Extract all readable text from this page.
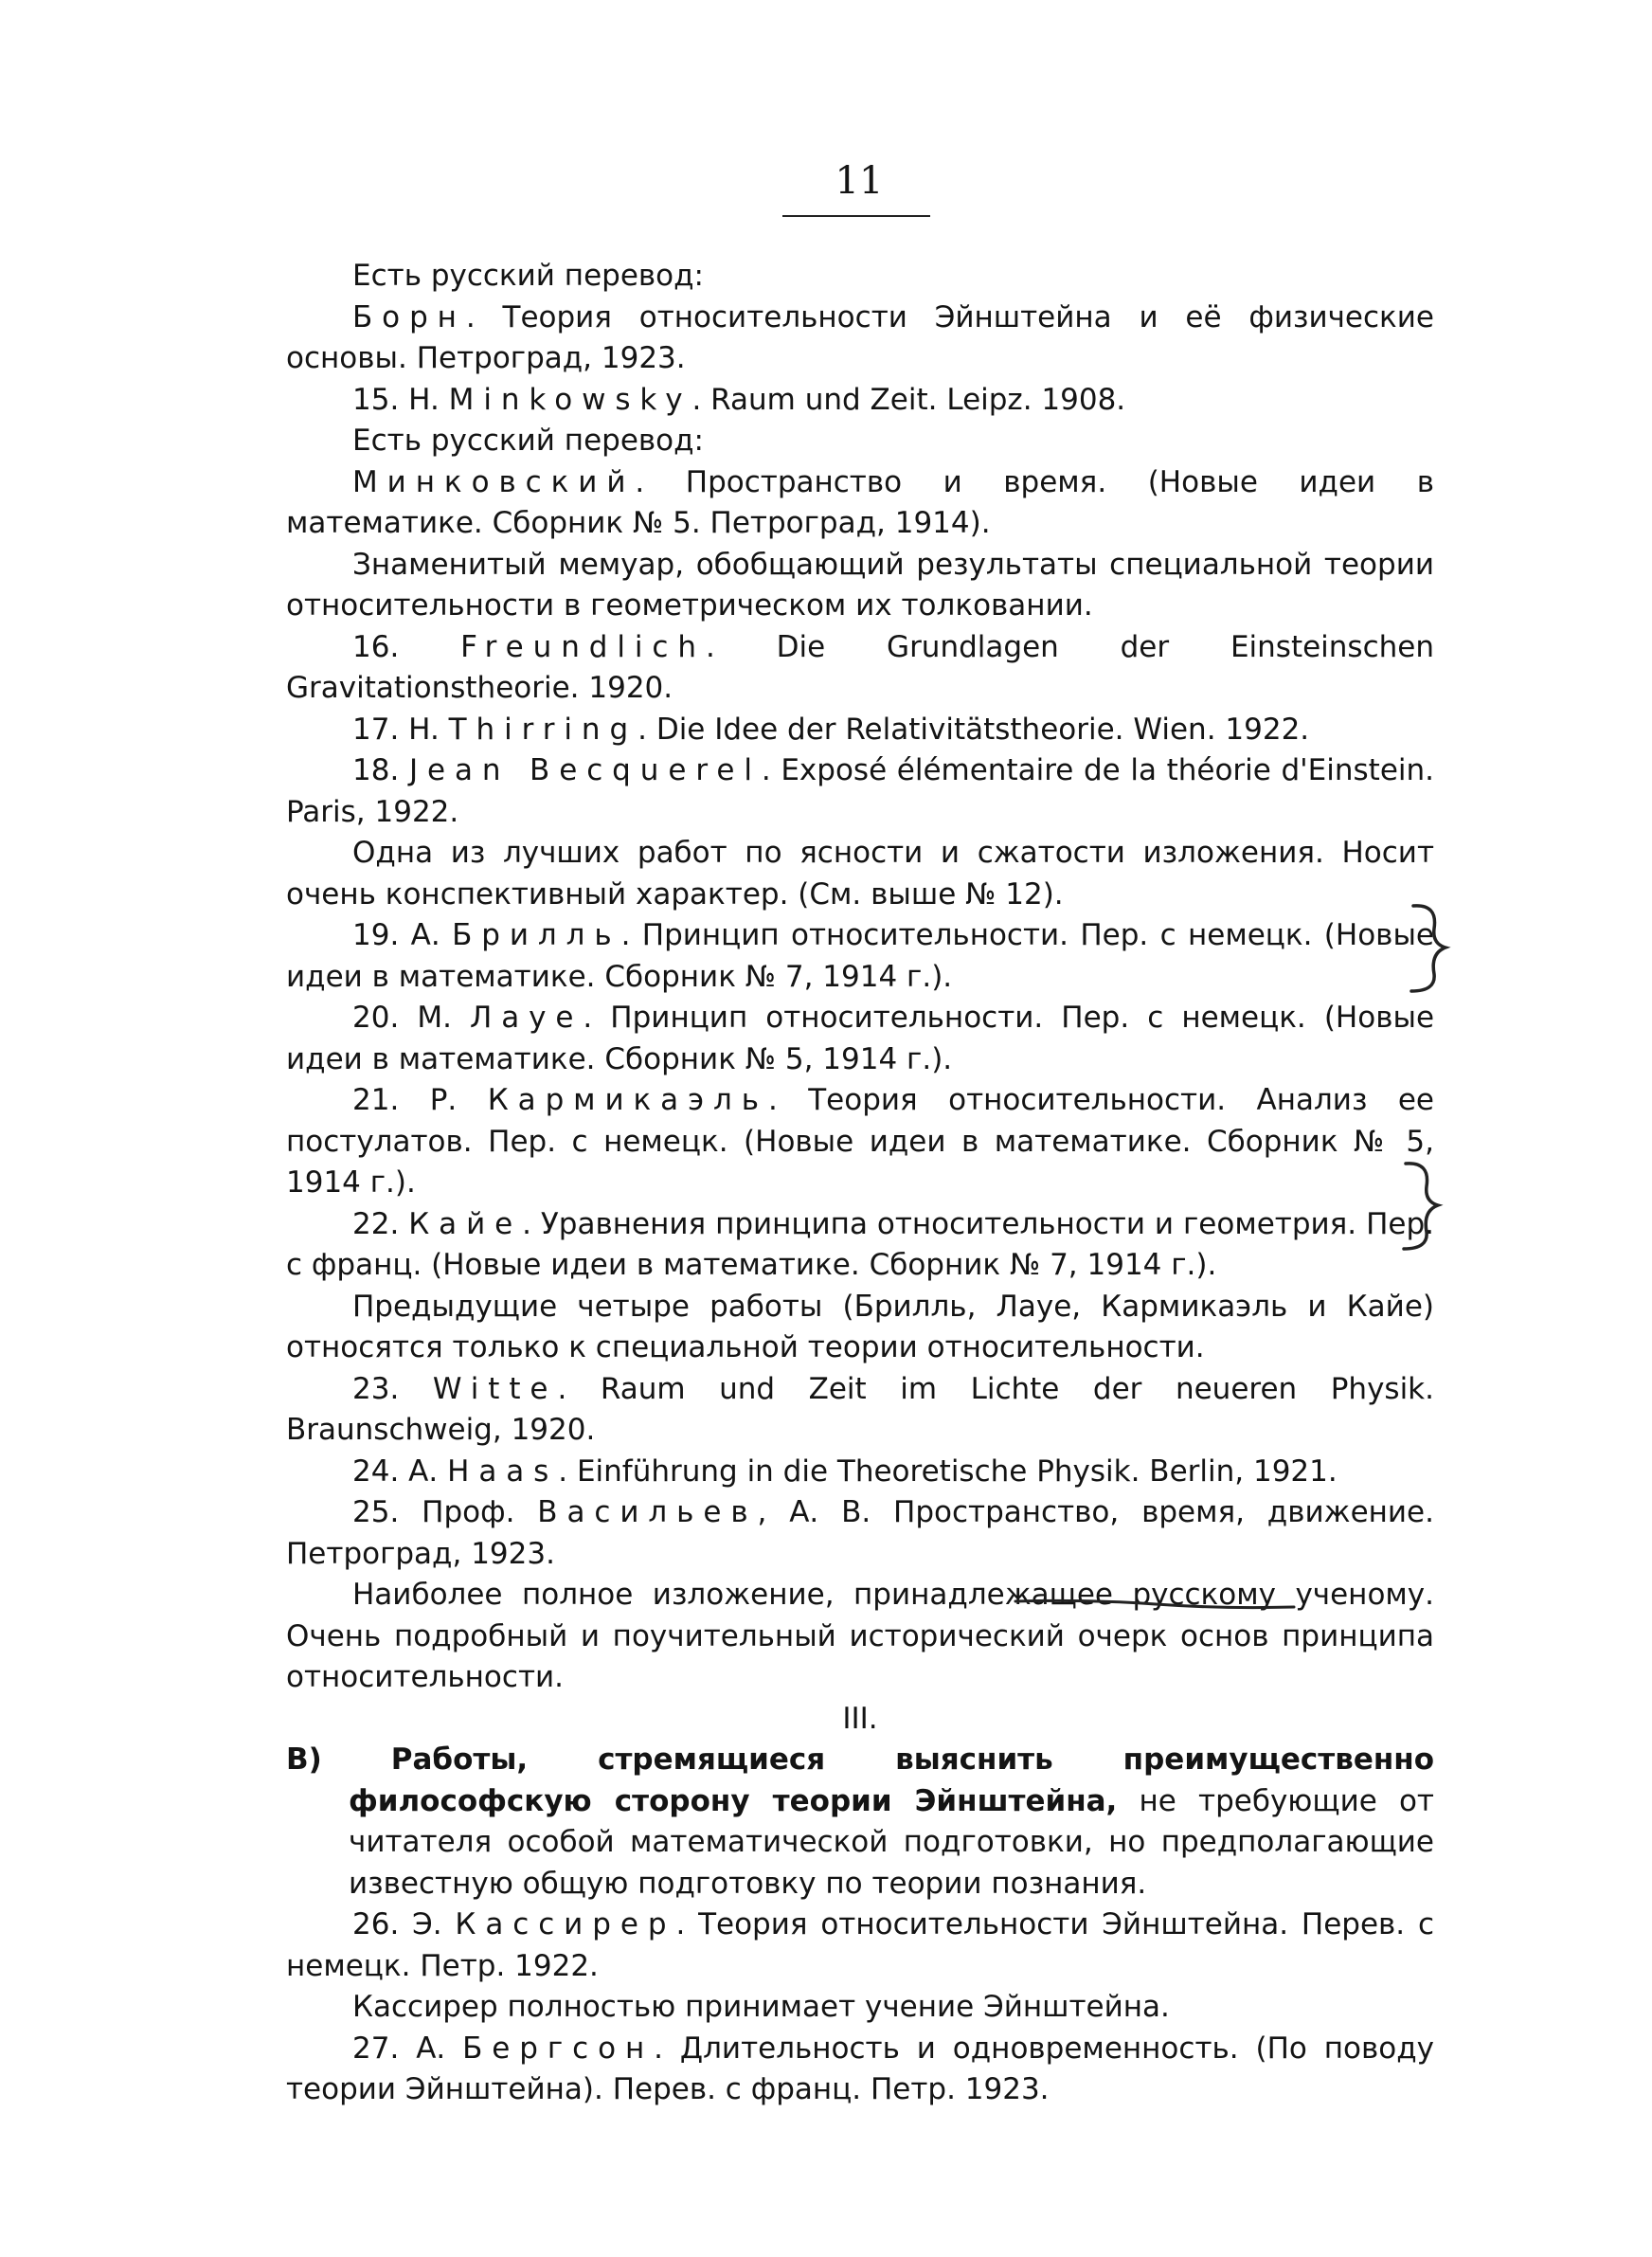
11

Есть русский перевод:

Борн. Теория относительности Эйнштейна и её физические основы. Петроград, 1923.

15. H. Minkowsky. Raum und Zeit. Leipz. 1908.

Есть русский перевод:

Минковский. Пространство и время. (Новые идеи в математике. Сборник № 5. Петроград, 1914).

Знаменитый мемуар, обобщающий результаты специальной теории относительности в геометрическом их толковании.

16. Freundlich. Die Grundlagen der Einsteinschen Gravitationstheorie. 1920.

17. H. Thirring. Die Idee der Relativitätstheorie. Wien. 1922.

18. Jean Becquerel. Exposé élémentaire de la théorie d'Einstein. Paris, 1922.

Одна из лучших работ по ясности и сжатости изложения. Носит очень конспективный характер. (См. выше № 12).

19. А. Брилль. Принцип относительности. Пер. с немецк. (Новые идеи в математике. Сборник № 7, 1914 г.).

20. М. Лауе. Принцип относительности. Пер. с немецк. (Новые идеи в математике. Сборник № 5, 1914 г.).

21. Р. Кармикаэль. Теория относительности. Анализ ее постулатов. Пер. с немецк. (Новые идеи в математике. Сборник № 5, 1914 г.).

22. Кайе. Уравнения принципа относительности и геометрия. Пер. с франц. (Новые идеи в математике. Сборник № 7, 1914 г.).

Предыдущие четыре работы (Брилль, Лауе, Кармикаэль и Кайе) относятся только к специальной теории относительности.

23. Witte. Raum und Zeit im Lichte der neueren Physik. Braunschweig, 1920.

24. А. Haas. Einführung in die Theoretische Physik. Berlin, 1921.

25. Проф. Васильев, А. В. Пространство, время, движение. Петроград, 1923.

Наиболее полное изложение, принадлежащее русскому ученому. Очень подробный и поучительный исторический очерк основ принципа относительности.

III.

В) Работы, стремящиеся выяснить преимущественно философскую сторону теории Эйнштейна, не требующие от читателя особой математической подготовки, но предполагающие известную общую подготовку по теории познания.

26. Э. Кассирер. Теория относительности Эйнштейна. Перев. с немецк. Петр. 1922.

Кассирер полностью принимает учение Эйнштейна.

27. А. Бергсон. Длительность и одновременность. (По поводу теории Эйнштейна). Перев. с франц. Петр. 1923.
